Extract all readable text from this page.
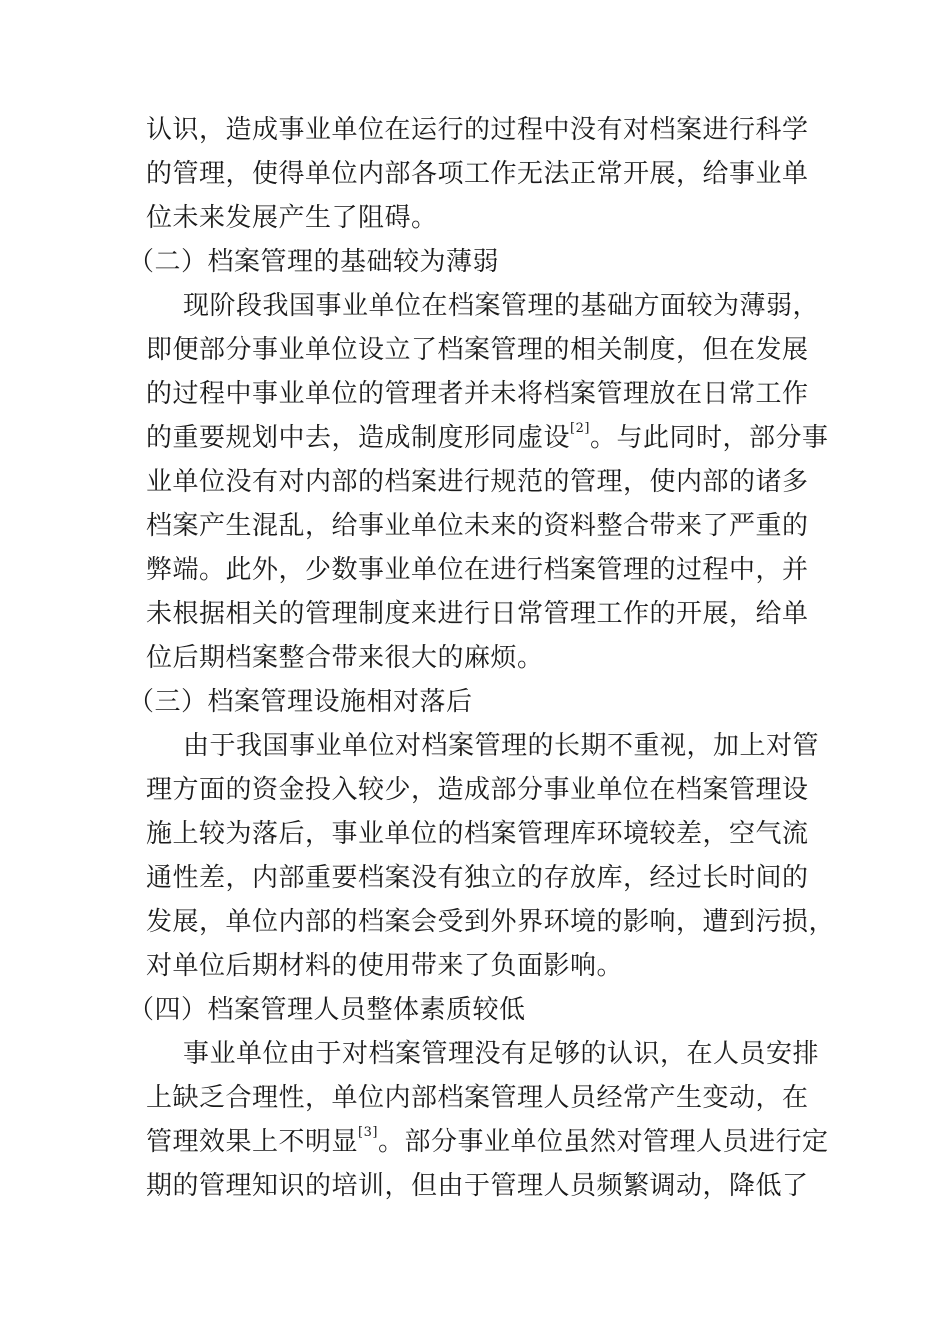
认识，造成事业单位在运行的过程中没有对档案进行科学
的管理，使得单位内部各项工作无法正常开展，给事业单
位未来发展产生了阻碍。
（二）档案管理的基础较为薄弱
现阶段我国事业单位在档案管理的基础方面较为薄弱，
即便部分事业单位设立了档案管理的相关制度，但在发展
的过程中事业单位的管理者并未将档案管理放在日常工作
的重要规划中去，造成制度形同虚设[2]。与此同时，部分事
业单位没有对内部的档案进行规范的管理，使内部的诸多
档案产生混乱，给事业单位未来的资料整合带来了严重的
弊端。此外，少数事业单位在进行档案管理的过程中，并
未根据相关的管理制度来进行日常管理工作的开展，给单
位后期档案整合带来很大的麻烦。
（三）档案管理设施相对落后
由于我国事业单位对档案管理的长期不重视，加上对管
理方面的资金投入较少，造成部分事业单位在档案管理设
施上较为落后，事业单位的档案管理库环境较差，空气流
通性差，内部重要档案没有独立的存放库，经过长时间的
发展，单位内部的档案会受到外界环境的影响，遭到污损，
对单位后期材料的使用带来了负面影响。
（四）档案管理人员整体素质较低
事业单位由于对档案管理没有足够的认识，在人员安排
上缺乏合理性，单位内部档案管理人员经常产生变动，在
管理效果上不明显[3]。部分事业单位虽然对管理人员进行定
期的管理知识的培训，但由于管理人员频繁调动，降低了
